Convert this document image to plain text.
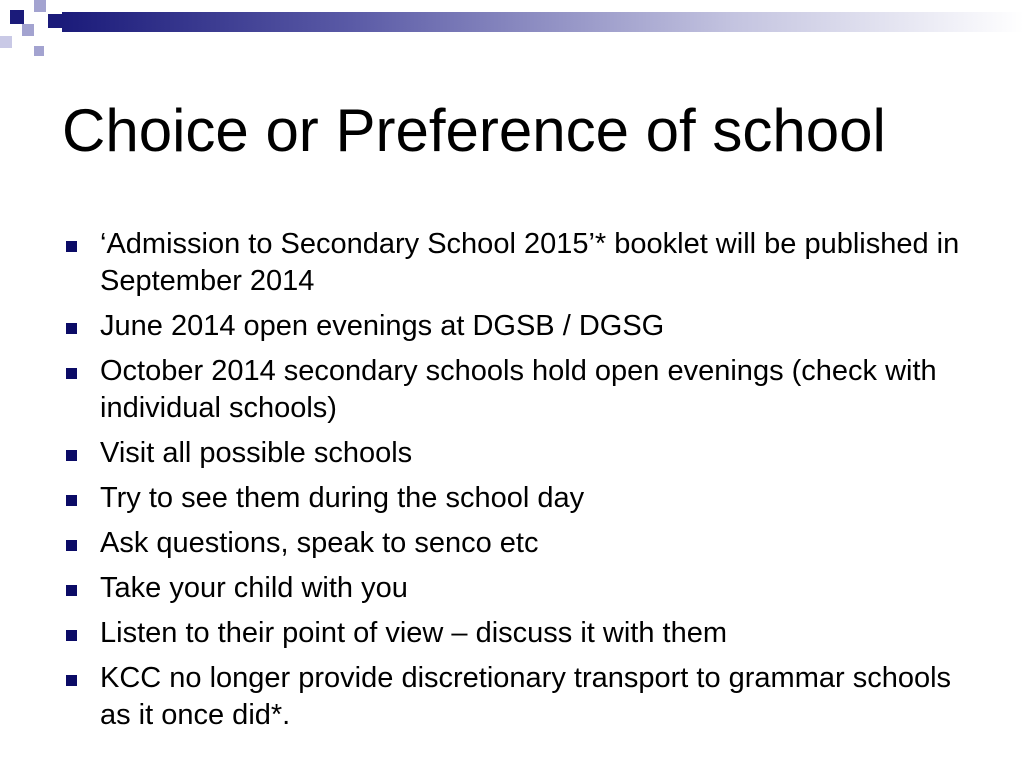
Choice or Preference of school
‘Admission to Secondary School 2015’* booklet will be published in September 2014
June 2014 open evenings at DGSB / DGSG
October 2014 secondary schools hold open evenings (check with individual schools)
Visit all possible schools
Try to see them during the school day
Ask questions, speak to senco etc
Take your child with you
Listen to their point of view – discuss it with them
KCC no longer provide discretionary transport to grammar schools as it once did*.
